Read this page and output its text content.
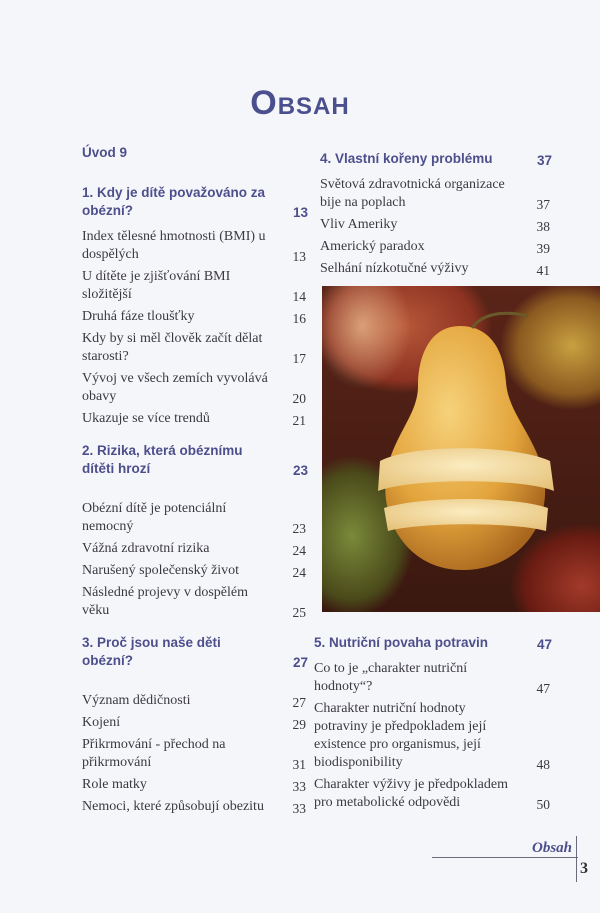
Obsah
Úvod 9
1. Kdy je dítě považováno za obézní?	13
Index tělesné hmotnosti (BMI) u dospělých	13
U dítěte je zjišťování BMI složitější	14
Druhá fáze tloušťky	16
Kdy by si měl člověk začít dělat starosti?	17
Vývoj ve všech zemích vyvolává obavy	20
Ukazuje se více trendů	21
2. Rizika, která obéznímu dítěti hrozí	23
Obézní dítě je potenciální nemocný	23
Vážná zdravotní rizika	24
Narušený společenský život	24
Následné projevy v dospělém věku	25
3. Proč jsou naše děti obézní?	27
Význam dědičnosti	27
Kojení	29
Přikrmování - přechod na přikrmování	31
Role matky	33
Nemoci, které způsobují obezitu	33
4. Vlastní kořeny problému	37
Světová zdravotnická organizace bije na poplach	37
Vliv Ameriky	38
Americký paradox	39
Selhání nízkotučné výživy	41
5. Nutriční povaha potravin	47
Co to je „charakter nutriční hodnoty“?	47
Charakter nutriční hodnoty potraviny je předpokladem její existence pro organismus, její biodisponibility	48
Charakter výživy je předpokladem pro metabolické odpovědi	50
Obsah
3
